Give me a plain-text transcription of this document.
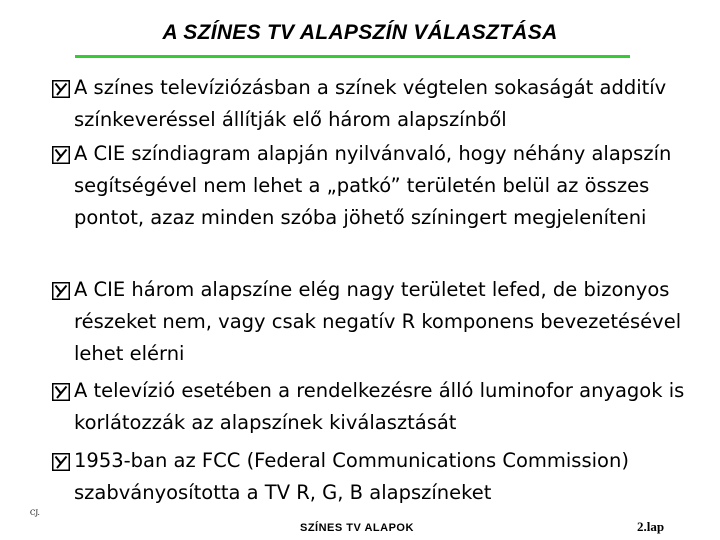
A SZÍNES TV ALAPSZÍN VÁLASZTÁSA
A színes televíziózásban a színek végtelen sokaságát additív színkeveréssel állítják elő három alapszínből
A CIE színdiagram alapján nyilvánvaló, hogy néhány alapszín segítségével nem lehet a „patkó” területén belül az összes pontot, azaz minden szóba jöhető színingert megjeleníteni
A CIE három alapszíne elég nagy területet lefed, de bizonyos részeket nem, vagy csak negatív R komponens bevezetésével lehet elérni
A televízió esetében a rendelkezésre álló luminofor anyagok is korlátozzák az alapszínek kiválasztását
1953-ban az FCC (Federal Communications Commission) szabványosította a TV R, G, B alapszíneket
CJ.
SZÍNES TV ALAPOK	2.lap
